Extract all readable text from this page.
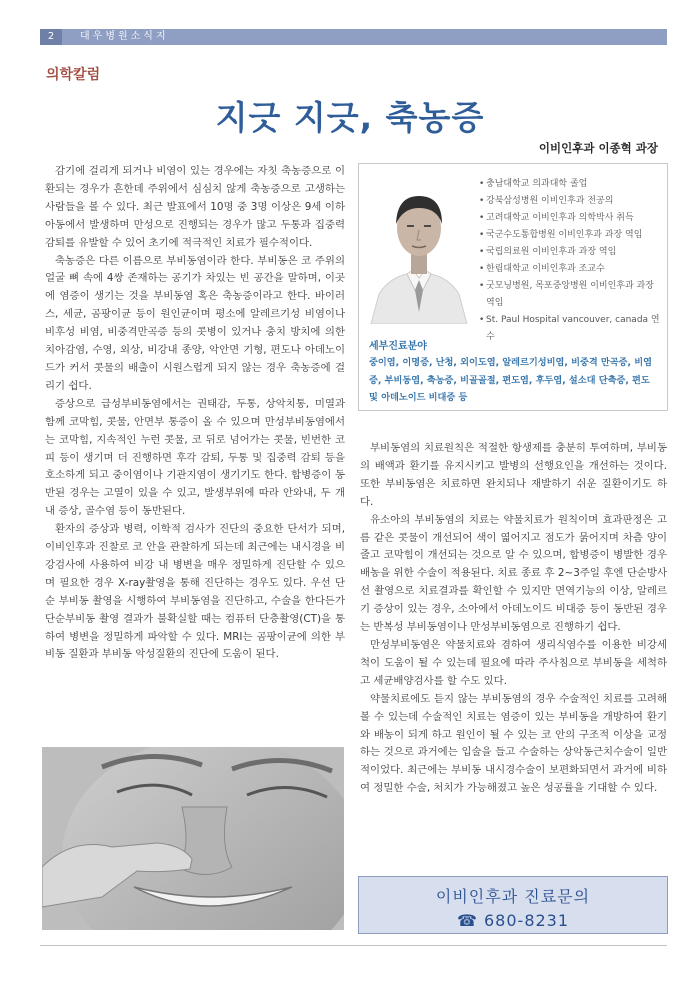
2	대우병원소식지
의학칼럼
지긋 지긋, 축농증
이비인후과 이종혁 과장

감기에 걸리게 되거나 비염이 있는 경우에는 자칫 축농증으로 이환되는 경우가 흔한데 주위에서 심심치 않게 축농증으로 고생하는 사람들을 볼 수 있다. 최근 발표에서 10명 중 3명 이상은 9세 이하 아동에서 발생하며 만성으로 진행되는 경우가 많고 두통과 집중력 감퇴를 유발할 수 있어 초기에 적극적인 치료가 필수적이다.

축농증은 다른 이름으로 부비동염이라 한다. 부비동은 코 주위의 얼굴 뼈 속에 4쌍 존재하는 공기가 차있는 빈 공간을 말하며, 이곳에 염증이 생기는 것을 부비동염 혹은 축농증이라고 한다. 바이러스, 세균, 곰팡이균 등이 원인균이며 평소에 알레르기성 비염이나 비후성 비염, 비중격만곡증 등의 콧병이 있거나 충치 방치에 의한 치아감염, 수영, 외상, 비강내 종양, 악안면 기형, 편도나 아데노이드가 커서 콧물의 배출이 시원스럽게 되지 않는 경우 축농증에 걸리기 쉽다.

증상으로 급성부비동염에서는 권태감, 두통, 상악치통, 미열과 함께 코막힘, 콧물, 안면부 통증이 올 수 있으며 만성부비동염에서는 코막힘, 지속적인 누런 콧물, 코 뒤로 넘어가는 콧물, 빈번한 코피 등이 생기며 더 진행하면 후각 감퇴, 두통 및 집중력 감퇴 등을 호소하게 되고 중이염이나 기관지염이 생기기도 한다. 합병증이 동반된 경우는 고열이 있을 수 있고, 발생부위에 따라 안와내, 두 개내 증상, 골수염 등이 동반된다.

환자의 증상과 병력, 이학적 검사가 진단의 중요한 단서가 되며, 이비인후과 진찰로 코 안을 관찰하게 되는데 최근에는 내시경을 비강검사에 사용하여 비강 내 병변을 매우 정밀하게 진단할 수 있으며 필요한 경우 X-ray촬영을 통해 진단하는 경우도 있다. 우선 단순 부비동 촬영을 시행하여 부비동염을 진단하고, 수술을 한다든가 단순부비동 촬영 결과가 불확실할 때는 컴퓨터 단층촬영(CT)을 통하여 병변을 정밀하게 파악할 수 있다. MRI는 곰팡이균에 의한 부비동 질환과 부비동 악성질환의 진단에 도움이 된다.

• 충남대학교 의과대학 졸업
• 강북삼성병원 이비인후과 전공의
• 고려대학교 이비인후과 의학박사 취득
• 국군수도통합병원 이비인후과 과장 역임
• 국립의료원 이비인후과 과장 역임
• 한림대학교 이비인후과 조교수
• 굿모닝병원, 목포중앙병원 이비인후과 과장 역임
• St. Paul Hospital vancouver, canada 연수
세부진료분야
중이염, 이명증, 난청, 외이도염, 알레르기성비염, 비중격 만곡증, 비염증, 부비동염, 축농증, 비골골절, 편도염, 후두염, 설소대 단축증, 편도 및 아데노이드 비대증 등

부비동염의 치료원칙은 적절한 항생제를 충분히 투여하며, 부비동의 배액과 환기를 유지시키고 발병의 선행요인을 개선하는 것이다. 또한 부비동염은 치료하면 완치되나 재발하기 쉬운 질환이기도 하다.

유소아의 부비동염의 치료는 약물치료가 원칙이며 효과판정은 고름 같은 콧물이 개선되어 색이 엷어지고 점도가 묽어지며 차츰 양이 줄고 코막힘이 개선되는 것으로 알 수 있으며, 합병증이 병발한 경우 배농을 위한 수술이 적용된다. 치료 종료 후 2~3주일 후엔 단순방사선 촬영으로 치료결과를 확인할 수 있지만 면역기능의 이상, 알레르기 증상이 있는 경우, 소아에서 아데노이드 비대증 등이 동반된 경우는 반복성 부비동염이나 만성부비동염으로 진행하기 쉽다.

만성부비동염은 약물치료와 겸하여 생리식염수를 이용한 비강세척이 도움이 될 수 있는데 필요에 따라 주사침으로 부비동을 세척하고 세균배양검사를 할 수도 있다.

약물치료에도 듣지 않는 부비동염의 경우 수술적인 치료를 고려해 볼 수 있는데 수술적인 치료는 염증이 있는 부비동을 개방하여 환기와 배농이 되게 하고 원인이 될 수 있는 코 안의 구조적 이상을 교정하는 것으로 과거에는 입술을 들고 수술하는 상악동근치수술이 일반적이었다. 최근에는 부비동 내시경수술이 보편화되면서 과거에 비하여 정밀한 수술, 처치가 가능해졌고 높은 성공률을 기대할 수 있다.

이비인후과 진료문의
☎ 680-8231
